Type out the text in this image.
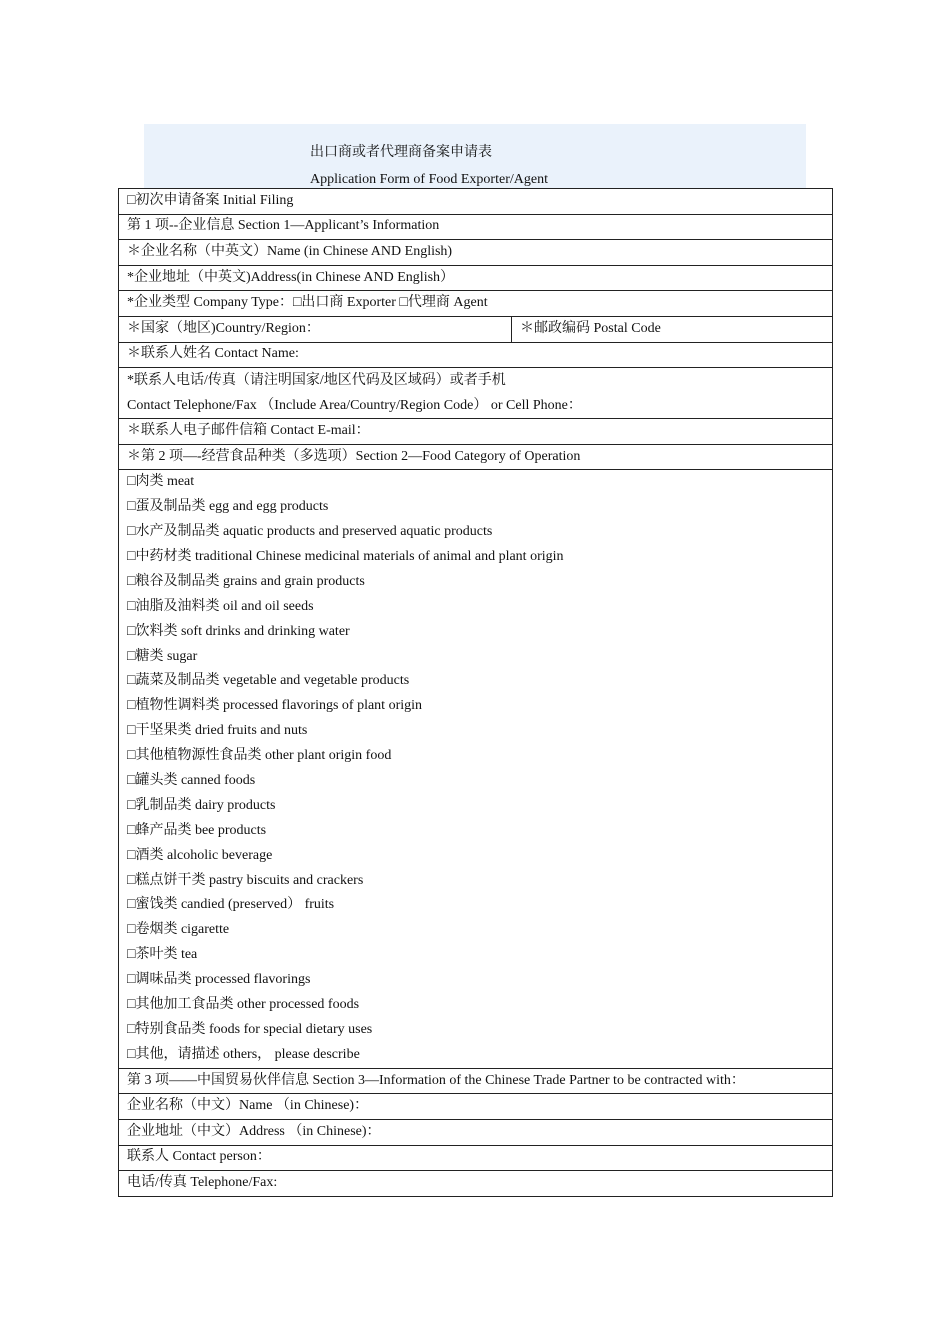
出口商或者代理商备案申请表
Application Form of Food Exporter/Agent
□初次申请备案 Initial Filing
第 1 项--企业信息 Section 1—Applicant’s Information
＊企业名称（中英文）Name (in Chinese AND English)
*企业地址（中英文)Address(in Chinese AND English）
*企业类型 Company Type：□出口商 Exporter □代理商 Agent
＊国家（地区)Country/Region：	＊邮政编码 Postal Code
＊联系人姓名 Contact Name:

*联系人电话/传真（请注明国家/地区代码及区域码）或者手机
Contact Telephone/Fax （Include Area/Country/Region Code） or Cell Phone：

＊联系人电子邮件信箱 Contact E-mail：
＊第 2 项—-经营食品种类（多选项）Section 2—Food Category of Operation

□肉类 meat
□蛋及制品类 egg and egg products
□水产及制品类 aquatic products and preserved aquatic products
□中药材类 traditional Chinese medicinal materials of animal and plant origin
□粮谷及制品类 grains and grain products
□油脂及油料类 oil and oil seeds
□饮料类 soft drinks and drinking water
□糖类 sugar
□蔬菜及制品类 vegetable and vegetable products
□植物性调料类 processed flavorings of plant origin
□干坚果类 dried fruits and nuts
□其他植物源性食品类 other plant origin food
□罐头类 canned foods
□乳制品类 dairy products
□蜂产品类 bee products
□酒类 alcoholic beverage
□糕点饼干类 pastry biscuits and crackers
□蜜饯类 candied (preserved） fruits
□卷烟类 cigarette
□茶叶类 tea
□调味品类 processed flavorings
□其他加工食品类 other processed foods
□特别食品类 foods for special dietary uses
□其他，请描述 others， please describe

第 3 项——中国贸易伙伴信息 Section 3—Information of the Chinese Trade Partner to be contracted with：
企业名称（中文）Name （in Chinese)：
企业地址（中文）Address （in Chinese)：
联系人 Contact person：
电话/传真 Telephone/Fax:
